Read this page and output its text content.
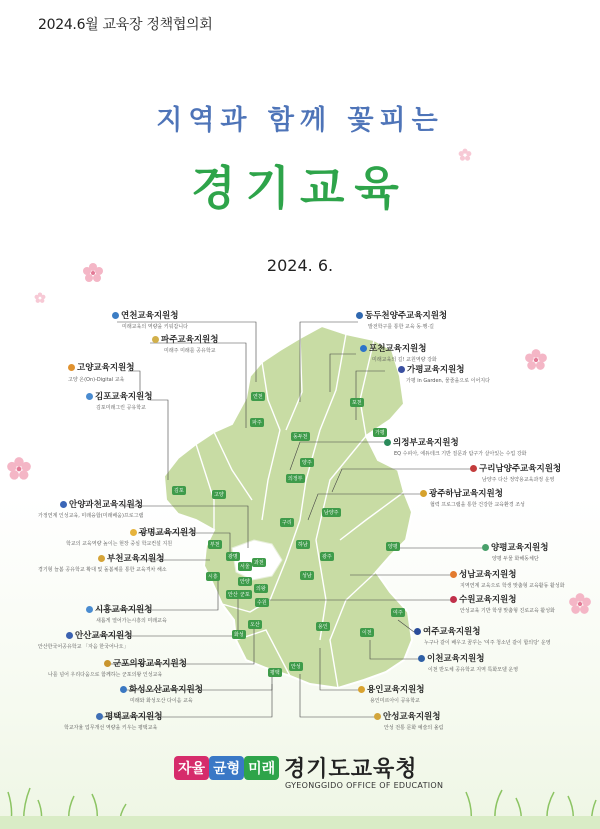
2024.6월 교육장 정책협의회
지역과 함께 꽃피는
경기교육
2024. 6.
연천
파주
동두천
포천
양주
가평
의정부
김포
고양
남양주
구리
하남
부천
광명
서울
과천
양평
광주
성남
시흥
안양
군포
의왕
수원
안산
오산
화성
용인
이천
여주
평택
안성
연천교육지원청
미래교육의 역량을 키워갑니다
동두천양주교육지원청
발전학구를 통한 교육 동·행·길
파주교육지원청
미래주 미래를 공유학교	포천교육지원청
미래교육의 길! 교원역량 강화
고양교육지원청
고양 온(On)-Digital 교육
가평교육지원청
가평 in Garden, 물줄을으로 이어지다
김포교육지원청
김포미래그린 공유학교
의정부교육지원청
EQ 수피아, 에듀테크 기반 질문과 탐구가 살아있는 수업 강화
구리남양주교육지원청
남양주 다산 정약용교육과정 운영
광주하남교육지원청
협력 프로그램을 통한 건강한 교육환경 조성
안양과천교육지원청
가정연계 인성교육, 미래융합(미래배움)프로그램
광명교육지원청
학교의 교육역량 높이는 현장 중심 학교컨설 지원
부천교육지원청
경기형 늘봄 공유학교 확대 및 돌봄체를 통한 교육격차 해소
양평교육지원청
양평 두물 화해동체단
성남교육지원청
지역연계 교육으로 학생 맞춤형 교육활동 활성화
수원교육지원청
안성교육 기반 학생 맞춤형 진로교육 활성화
시흥교육지원청
새롭게 열어가는시흥의 미래교육
안산교육지원청
안산한국어공유학교 「자음 한국어나오」
여주교육지원청
누구나 같이 배우고 꿈꾸는 '여주 청소년 같이 합의당' 운영
군포의왕교육지원청
나를 넘어 우리다움으로 함께하는 군포의왕 인성교육
이천교육지원청
이천 반도체 공유학교 지역 특화모델 운영
화성오산교육지원청
미래와 화성오산 다이음 교육
용인교육지원청
용인미르아이 공유학교
평택교육지원청
학교자율 업무개선 역량을 키우는 평택교육
안성교육지원청
안성 전통 문화 예술의 올림
자율 균형 미래 경기도교육청
GYEONGGIDO OFFICE OF EDUCATION
